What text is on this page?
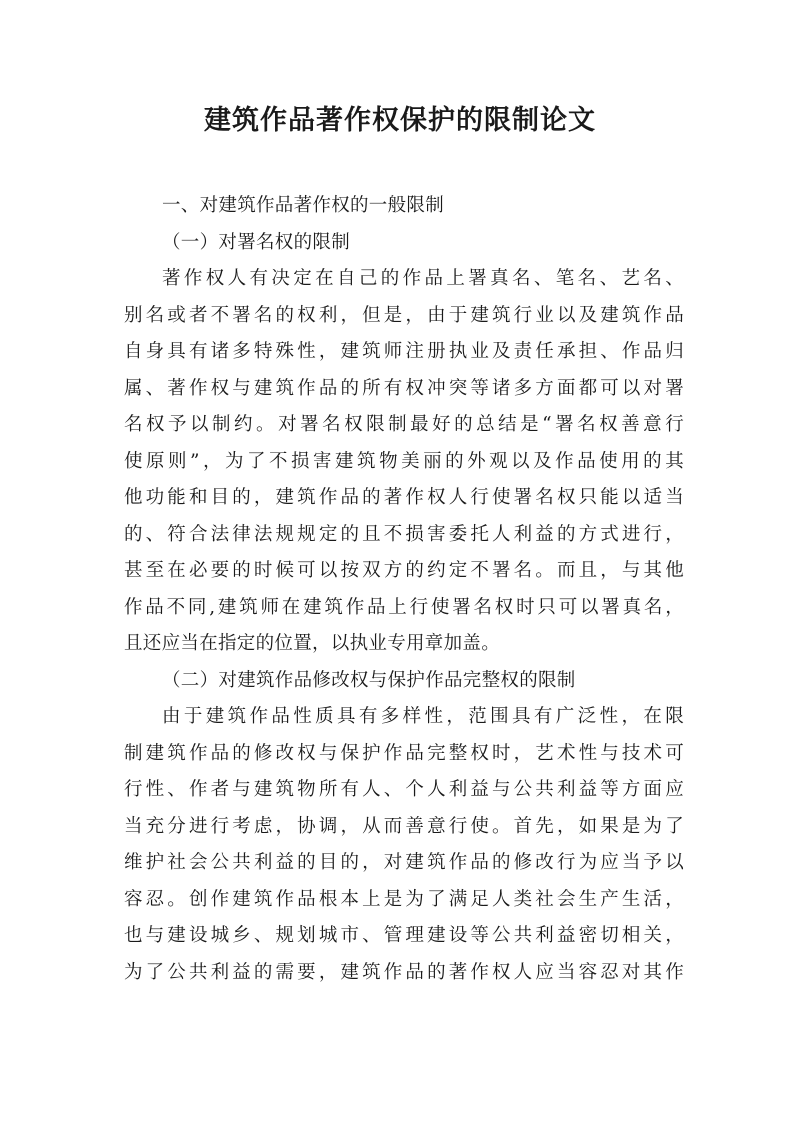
建筑作品著作权保护的限制论文
一、对建筑作品著作权的一般限制
（一）对署名权的限制
著作权人有决定在自己的作品上署真名、笔名、艺名、
别名或者不署名的权利，但是，由于建筑行业以及建筑作品
自身具有诸多特殊性，建筑师注册执业及责任承担、作品归
属、著作权与建筑作品的所有权冲突等诸多方面都可以对署
名权予以制约。对署名权限制最好的总结是“署名权善意行
使原则”，为了不损害建筑物美丽的外观以及作品使用的其
他功能和目的，建筑作品的著作权人行使署名权只能以适当
的、符合法律法规规定的且不损害委托人利益的方式进行，
甚至在必要的时候可以按双方的约定不署名。而且，与其他
作品不同,建筑师在建筑作品上行使署名权时只可以署真名，
且还应当在指定的位置，以执业专用章加盖。
（二）对建筑作品修改权与保护作品完整权的限制
由于建筑作品性质具有多样性，范围具有广泛性，在限
制建筑作品的修改权与保护作品完整权时，艺术性与技术可
行性、作者与建筑物所有人、个人利益与公共利益等方面应
当充分进行考虑，协调，从而善意行使。首先，如果是为了
维护社会公共利益的目的，对建筑作品的修改行为应当予以
容忍。创作建筑作品根本上是为了满足人类社会生产生活，
也与建设城乡、规划城市、管理建设等公共利益密切相关，
为了公共利益的需要，建筑作品的著作权人应当容忍对其作
